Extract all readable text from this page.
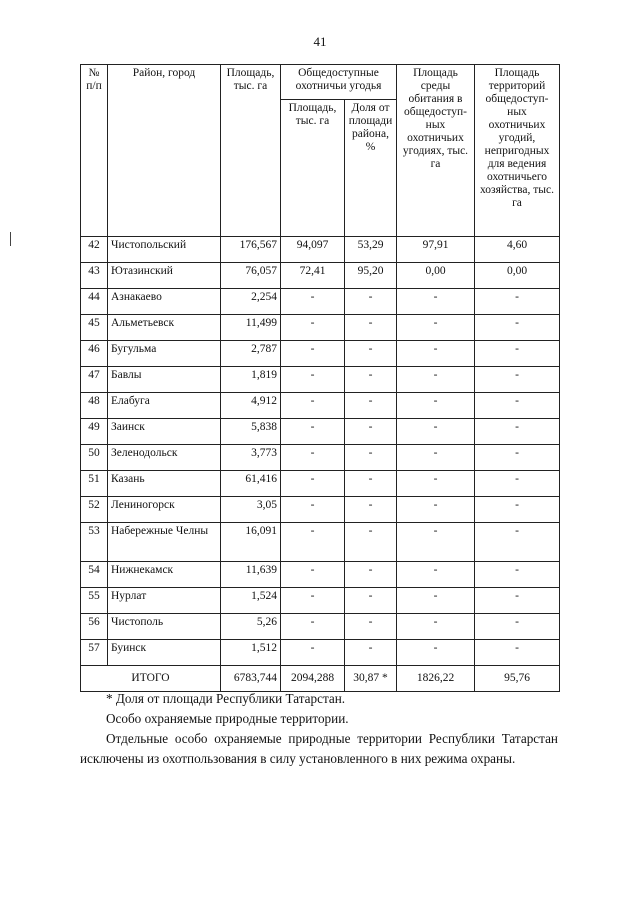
41
№ п/п	Район, город	Площадь, тыс. га	Общедоступные охотничьи угодья		Площадь среды обитания в общедоступ-ных охотничьих угодиях, тыс. га	Площадь территорий общедоступ-ных охотничьих угодий, непригодных для ведения охотничьего хозяйства, тыс. га
			Площадь, тыс. га	Доля от площади района, %		
42	Чистопольский	176,567	94,097	53,29	97,91	4,60
43	Ютазинский	76,057	72,41	95,20	0,00	0,00
44	Азнакаево	2,254	-	-	-	-
45	Альметьевск	11,499	-	-	-	-
46	Бугульма	2,787	-	-	-	-
47	Бавлы	1,819	-	-	-	-
48	Елабуга	4,912	-	-	-	-
49	Заинск	5,838	-	-	-	-
50	Зеленодольск	3,773	-	-	-	-
51	Казань	61,416	-	-	-	-
52	Лениногорск	3,05	-	-	-	-
53	Набережные Челны	16,091	-	-	-	-
54	Нижнекамск	11,639	-	-	-	-
55	Нурлат	1,524	-	-	-	-
56	Чистополь	5,26	-	-	-	-
57	Буинск	1,512	-	-	-	-
ИТОГО		6783,744	2094,288	30,87 *	1826,22	95,76

* Доля от площади Республики Татарстан.

Особо охраняемые природные территории.

Отдельные особо охраняемые природные территории Республики Татарстан исключены из охотпользования в силу установленного в них режима охраны.
